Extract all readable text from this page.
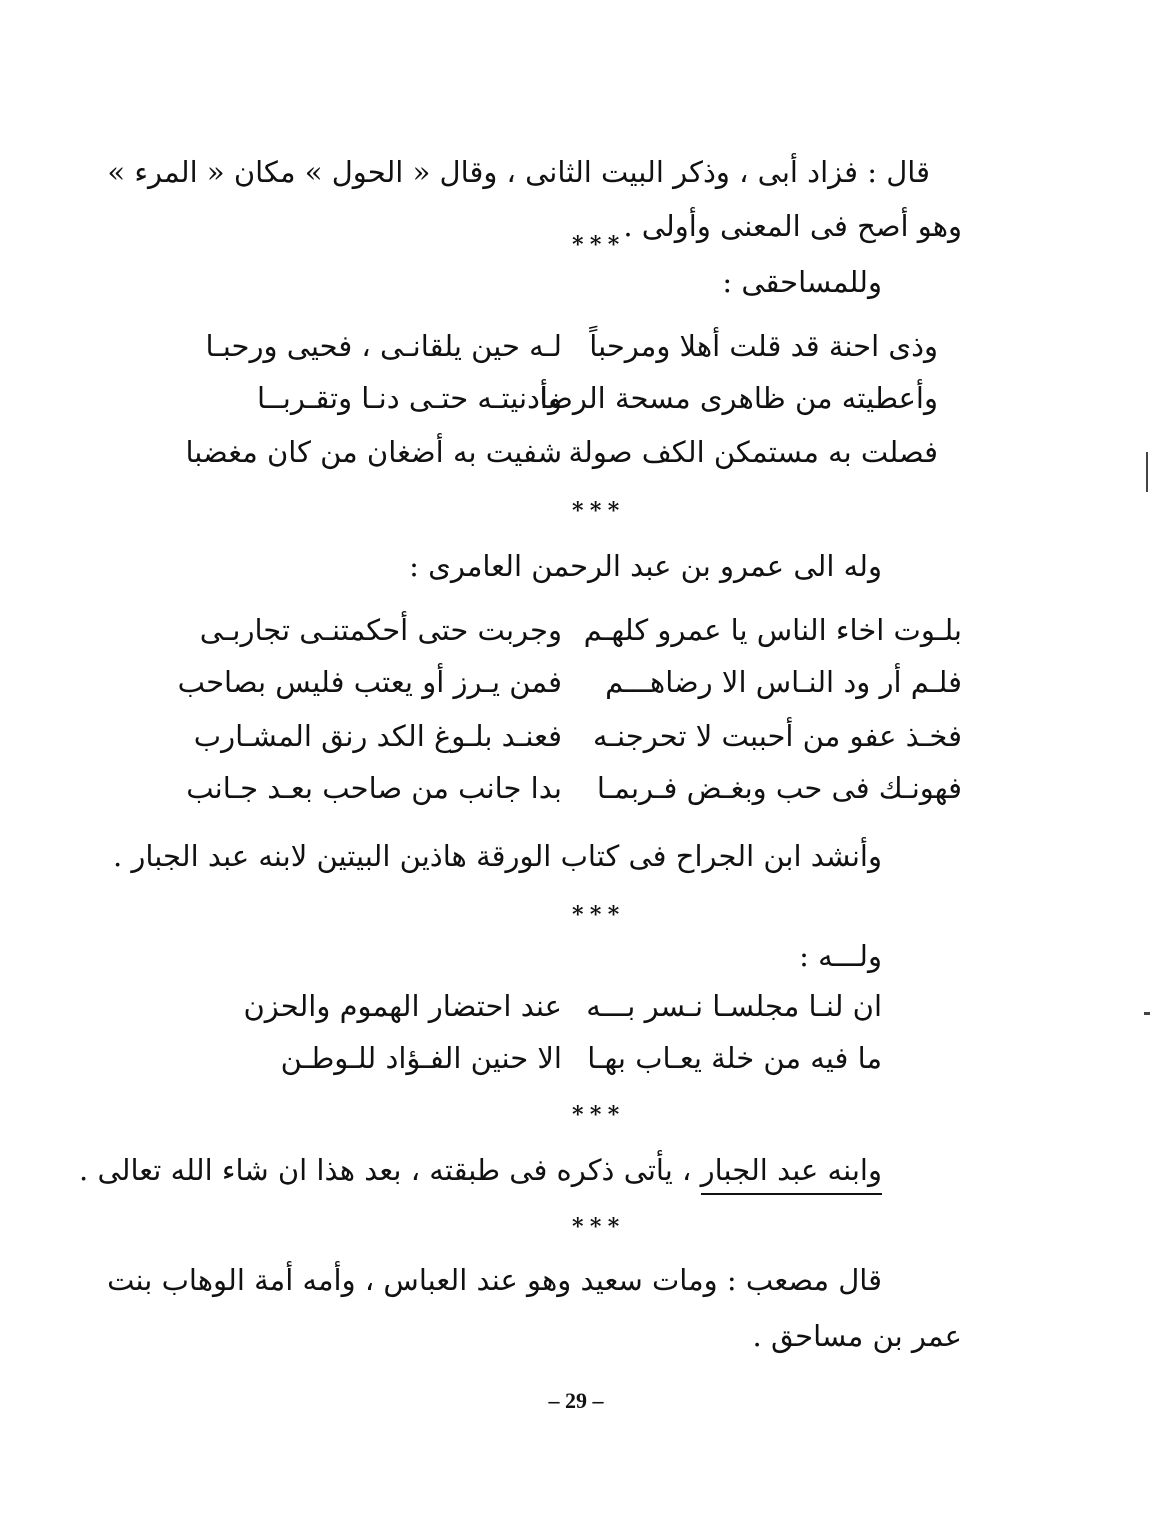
قال : فزاد أبى ، وذكر البيت الثانى ، وقال « الحول » مكان « المرء »
وهو أصح فى المعنى وأولى .
* * *
وللمساحقى :
وذى احنة قد قلت أهلا ومرحباً
لـه حين يلقانـى ، فحيى ورحبـا
وأعطيته من ظاهرى مسحة الرضا
وأدنيتـه حتـى دنـا وتقـربــا
فصلت به مستمكن الكف صولة
شفيت به أضغان من كان مغضبا
* * *
وله الى عمرو بن عبد الرحمن العامرى :
بلـوت اخاء الناس يا عمرو كلهـم
وجربت حتى أحكمتنـى تجاربـى
فلـم أر ود النـاس الا رضاهـــم
فمن يـرز أو يعتب فليس بصاحب
فخـذ عفو من أحببت لا تحرجنـه
فعنـد بلـوغ الكد رنق المشـارب
فهونـك فى حب وبغـض فـربمـا
بدا جانب من صاحب بعـد جـانب
وأنشد ابن الجراح فى كتاب الورقة هاذين البيتين لابنه عبد الجبار .
* * *
ولـــه :
ان لنـا مجلسـا نـسر بـــه
عند احتضار الهموم والحزن
ما فيه من خلة يعـاب بهـا
الا حنين الفـؤاد للـوطـن
* * *
وابنه عبد الجبار ، يأتى ذكره فى طبقته ، بعد هذا ان شاء الله تعالى .
* * *
قال مصعب : ومات سعيد وهو عند العباس ، وأمه أمة الوهاب بنت
عمر بن مساحق .
– 29 –
